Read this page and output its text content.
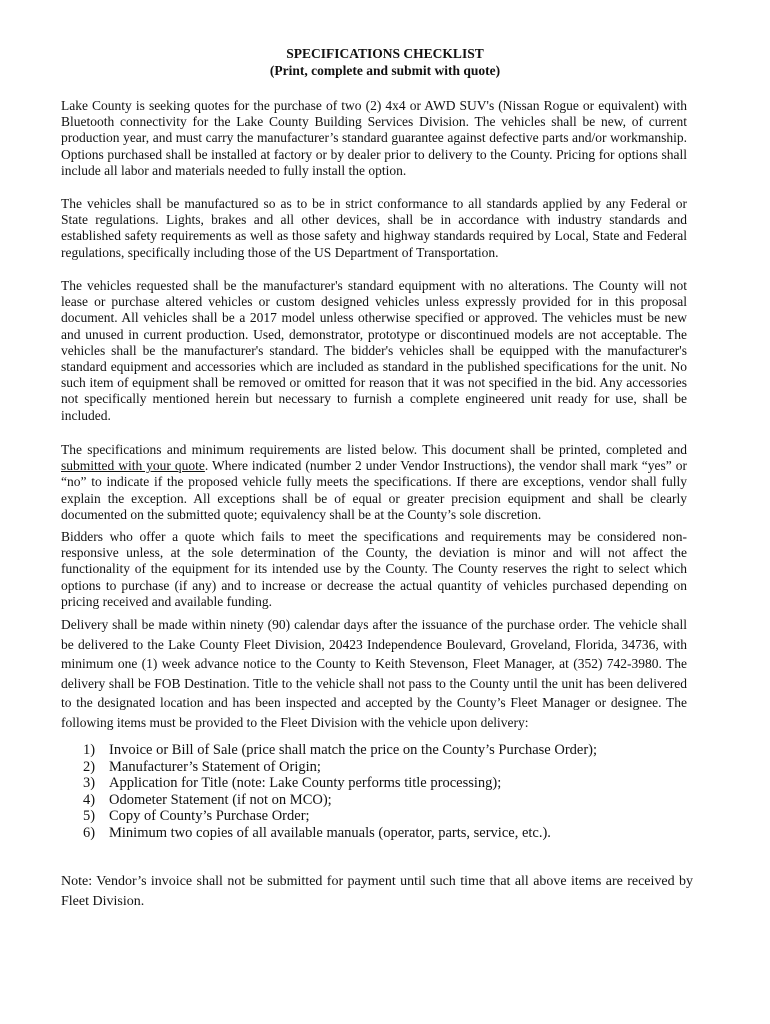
SPECIFICATIONS CHECKLIST
(Print, complete and submit with quote)
Lake County is seeking quotes for the purchase of two (2) 4x4 or AWD SUV's (Nissan Rogue or equivalent) with Bluetooth connectivity for the Lake County Building Services Division. The vehicles shall be new, of current production year, and must carry the manufacturer’s standard guarantee against defective parts and/or workmanship. Options purchased shall be installed at factory or by dealer prior to delivery to the County. Pricing for options shall include all labor and materials needed to fully install the option.
The vehicles shall be manufactured so as to be in strict conformance to all standards applied by any Federal or State regulations. Lights, brakes and all other devices, shall be in accordance with industry standards and established safety requirements as well as those safety and highway standards required by Local, State and Federal regulations, specifically including those of the US Department of Transportation.
The vehicles requested shall be the manufacturer's standard equipment with no alterations. The County will not lease or purchase altered vehicles or custom designed vehicles unless expressly provided for in this proposal document. All vehicles shall be a 2017 model unless otherwise specified or approved. The vehicles must be new and unused in current production. Used, demonstrator, prototype or discontinued models are not acceptable. The vehicles shall be the manufacturer's standard. The bidder's vehicles shall be equipped with the manufacturer's standard equipment and accessories which are included as standard in the published specifications for the unit. No such item of equipment shall be removed or omitted for reason that it was not specified in the bid. Any accessories not specifically mentioned herein but necessary to furnish a complete engineered unit ready for use, shall be included.
The specifications and minimum requirements are listed below. This document shall be printed, completed and submitted with your quote. Where indicated (number 2 under Vendor Instructions), the vendor shall mark “yes” or “no” to indicate if the proposed vehicle fully meets the specifications. If there are exceptions, vendor shall fully explain the exception. All exceptions shall be of equal or greater precision equipment and shall be clearly documented on the submitted quote; equivalency shall be at the County’s sole discretion.
Bidders who offer a quote which fails to meet the specifications and requirements may be considered non-responsive unless, at the sole determination of the County, the deviation is minor and will not affect the functionality of the equipment for its intended use by the County. The County reserves the right to select which options to purchase (if any) and to increase or decrease the actual quantity of vehicles purchased depending on pricing received and available funding.
Delivery shall be made within ninety (90) calendar days after the issuance of the purchase order. The vehicle shall be delivered to the Lake County Fleet Division, 20423 Independence Boulevard, Groveland, Florida, 34736, with minimum one (1) week advance notice to the County to Keith Stevenson, Fleet Manager, at (352) 742-3980. The delivery shall be FOB Destination. Title to the vehicle shall not pass to the County until the unit has been delivered to the designated location and has been inspected and accepted by the County’s Fleet Manager or designee. The following items must be provided to the Fleet Division with the vehicle upon delivery:
1) Invoice or Bill of Sale (price shall match the price on the County’s Purchase Order);
2) Manufacturer’s Statement of Origin;
3) Application for Title (note: Lake County performs title processing);
4) Odometer Statement (if not on MCO);
5) Copy of County’s Purchase Order;
6) Minimum two copies of all available manuals (operator, parts, service, etc.).
Note: Vendor’s invoice shall not be submitted for payment until such time that all above items are received by Fleet Division.
